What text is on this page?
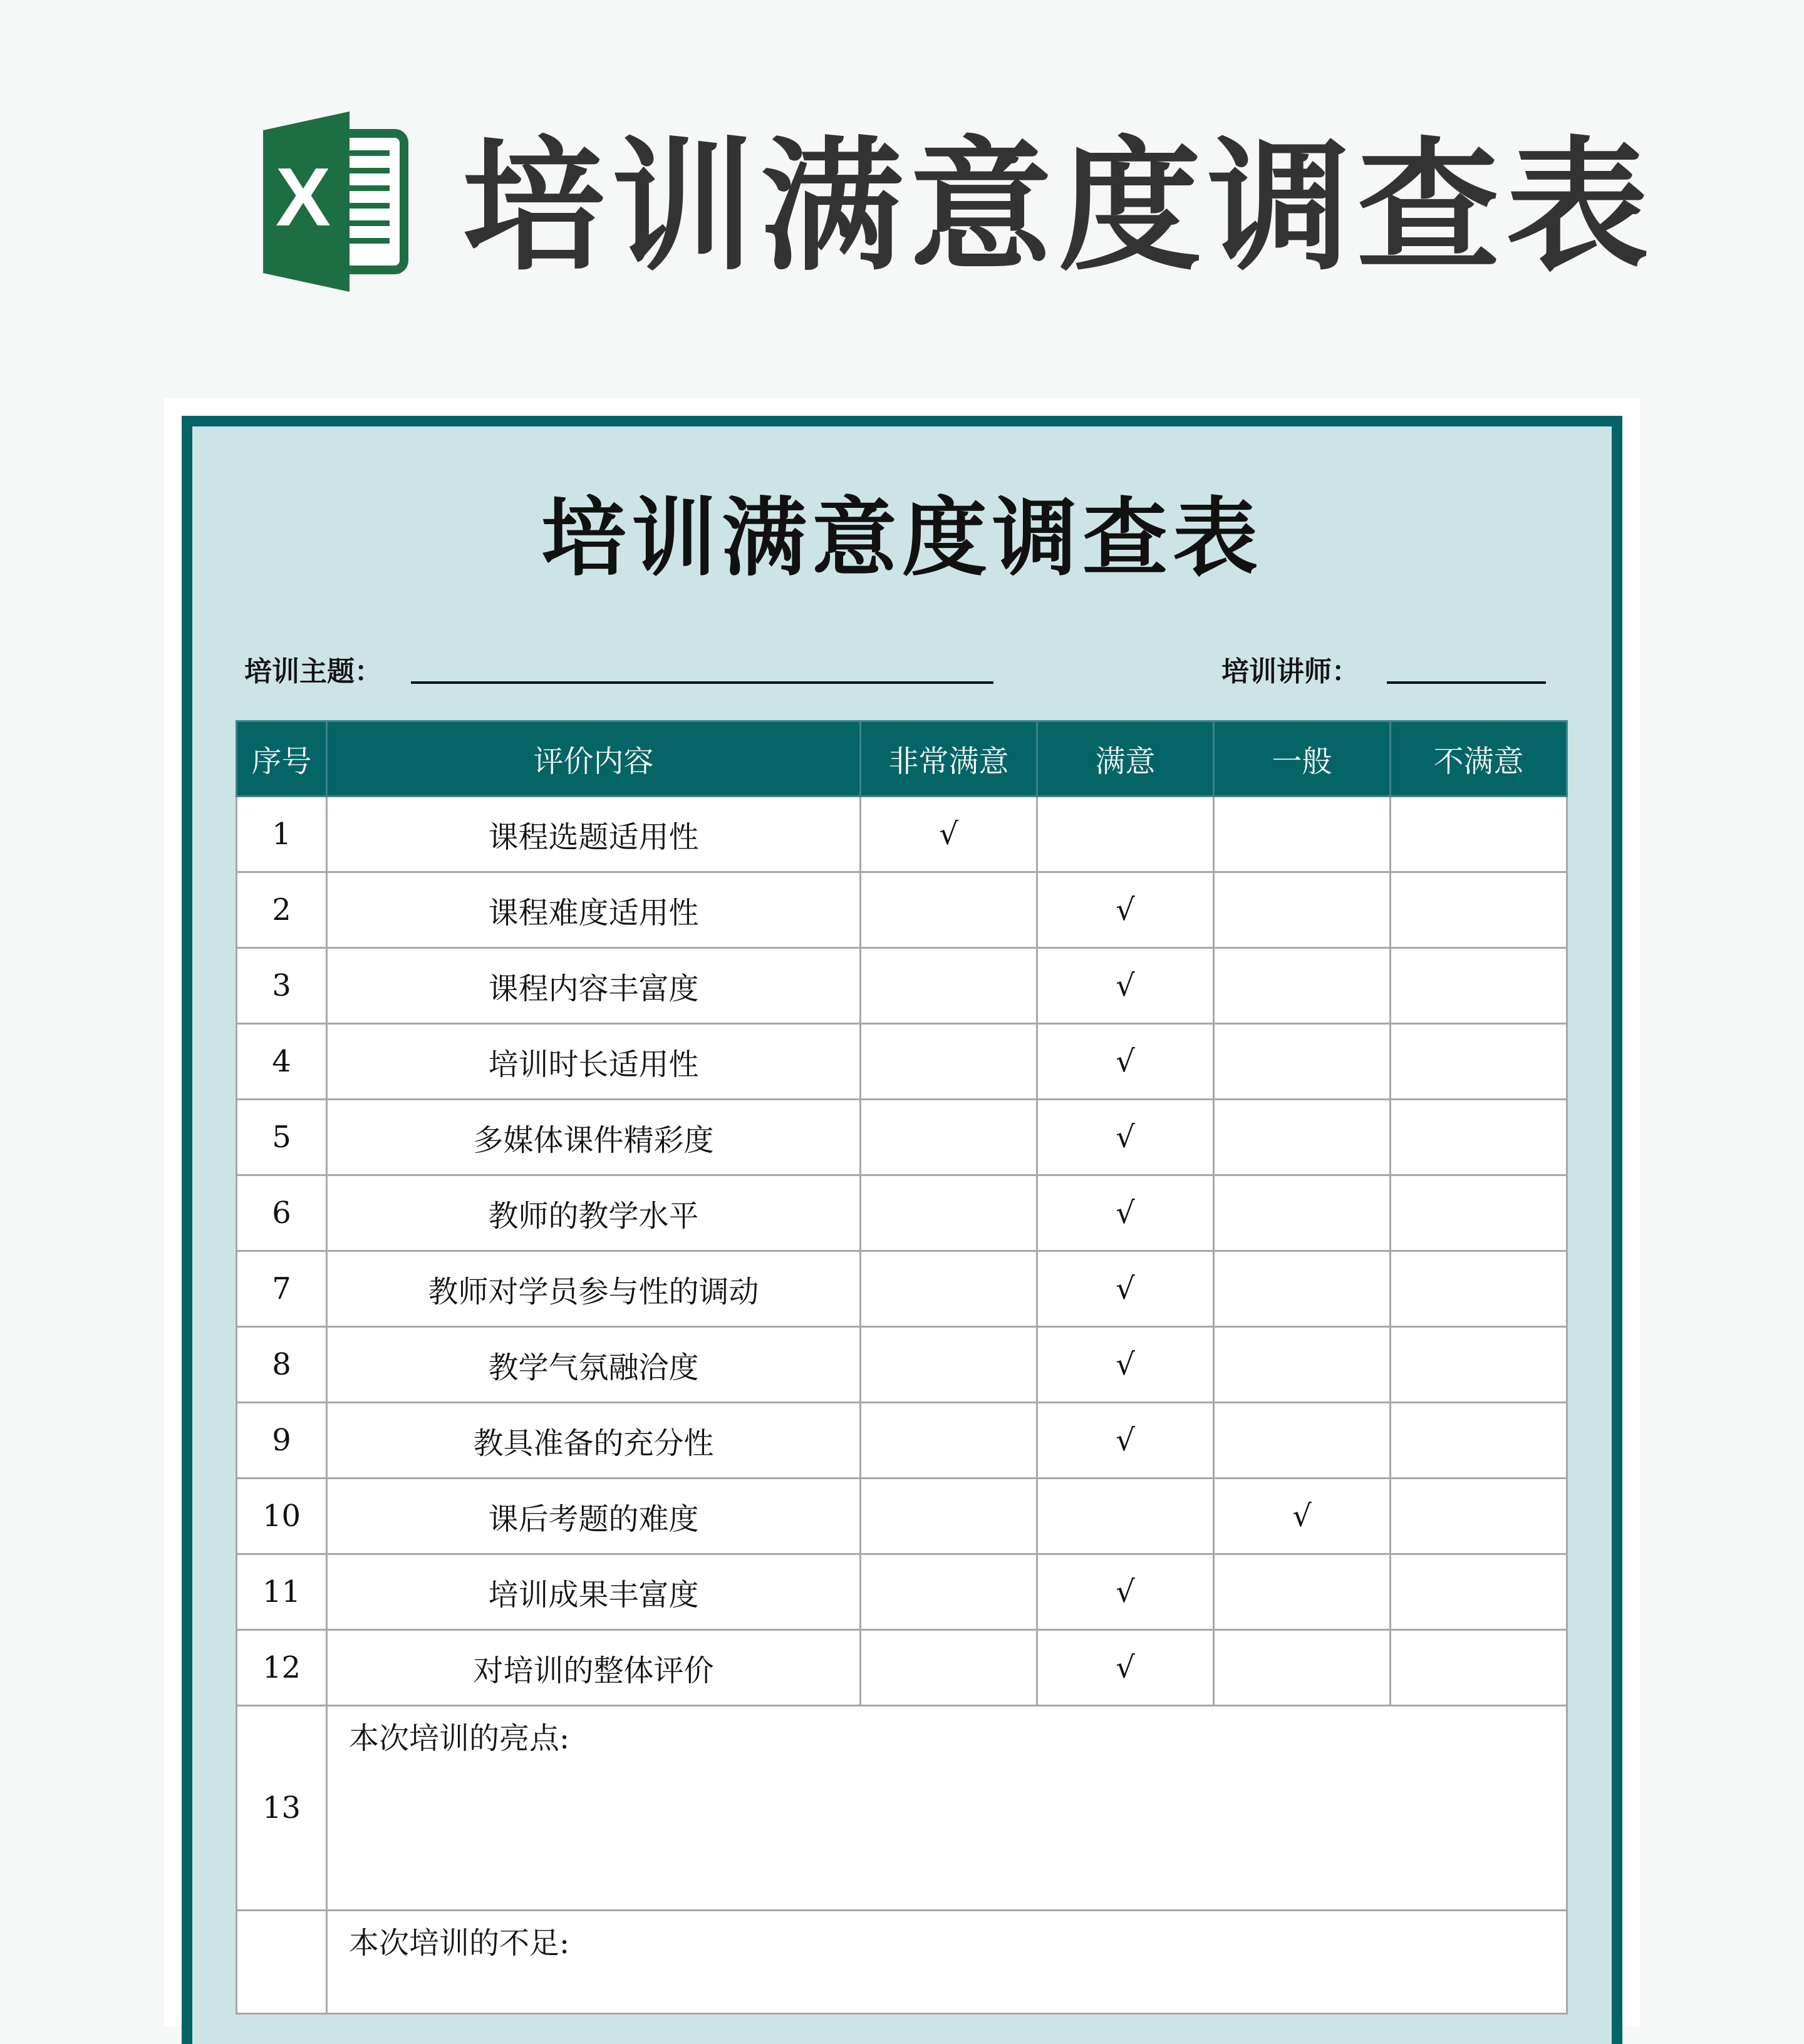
X 培训满意度调查表
培训满意度调查表
培训主题：	培训讲师：
序号	评价内容	非常满意	满意	一般	不满意
1	课程选题适用性	√			
2	课程难度适用性		√		
3	课程内容丰富度		√		
4	培训时长适用性		√		
5	多媒体课件精彩度		√		
6	教师的教学水平		√		
7	教师对学员参与性的调动		√		
8	教学气氛融洽度		√		
9	教具准备的充分性		√		
10	课后考题的难度			√	
11	培训成果丰富度		√		
12	对培训的整体评价		√		
13	本次培训的亮点:				
	本次培训的不足:				
